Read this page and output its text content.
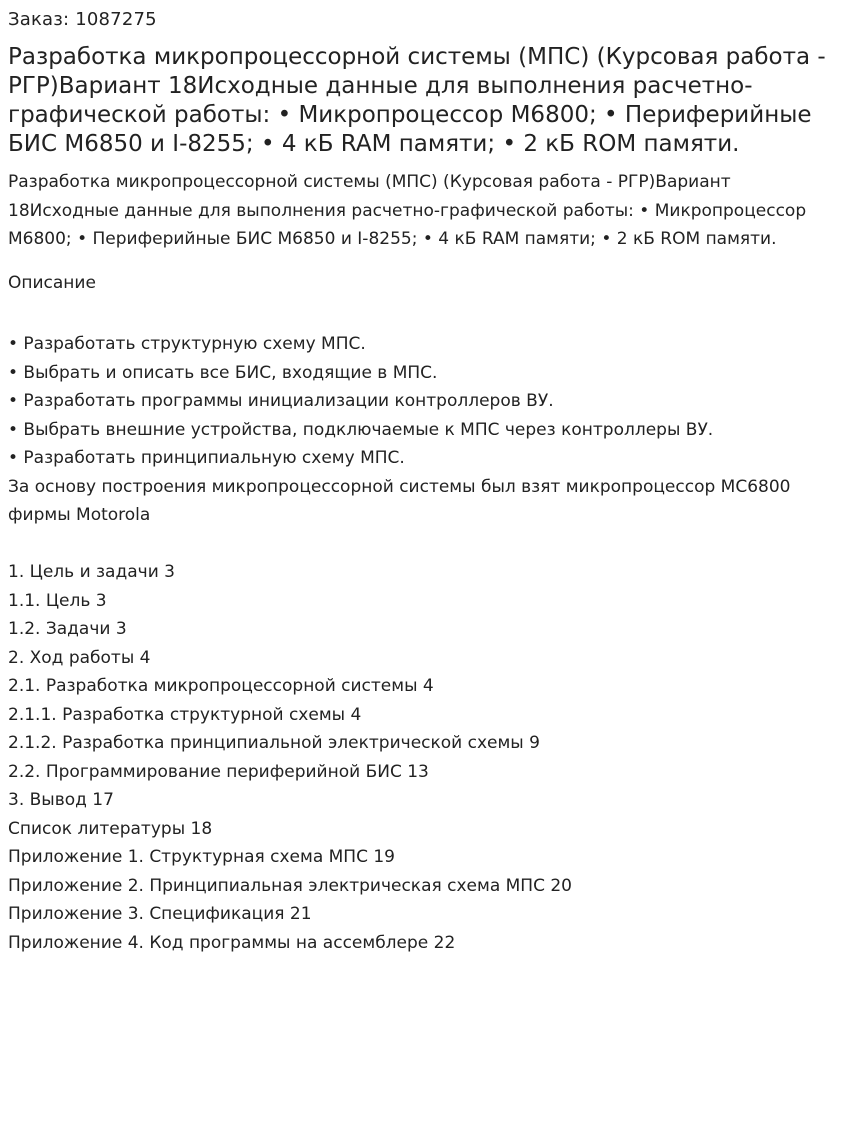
Заказ: 1087275

Разработка микропроцессорной системы (МПС) (Курсовая работа - РГР)Вариант 18Исходные данные для выполнения расчетно-графической работы: • Микропроцессор М6800; • Периферийные БИС М6850 и I-8255; • 4 кБ RAM памяти; • 2 кБ ROM памяти.

Разработка микропроцессорной системы (МПС) (Курсовая работа - РГР)Вариант 18Исходные данные для выполнения расчетно-графической работы: • Микропроцессор М6800; • Периферийные БИС М6850 и I-8255; • 4 кБ RAM памяти; • 2 кБ ROM памяти.

Описание
• Разработать структурную схему МПС.
• Выбрать и описать все БИС, входящие в МПС.
• Разработать программы инициализации контроллеров ВУ.
• Выбрать внешние устройства, подключаемые к МПС через контроллеры ВУ.
• Разработать принципиальную схему МПС.
За основу построения микропроцессорной системы был взят микропроцессор МС6800 фирмы Motorola
1. Цель и задачи 3
1.1. Цель 3
1.2. Задачи 3
2. Ход работы 4
2.1. Разработка микропроцессорной системы 4
2.1.1. Разработка структурной схемы 4
2.1.2. Разработка принципиальной электрической схемы 9
2.2. Программирование периферийной БИС 13
3. Вывод 17
Список литературы 18
Приложение 1. Структурная схема МПС 19
Приложение 2. Принципиальная электрическая схема МПС 20
Приложение 3. Спецификация 21
Приложение 4. Код программы на ассемблере 22
